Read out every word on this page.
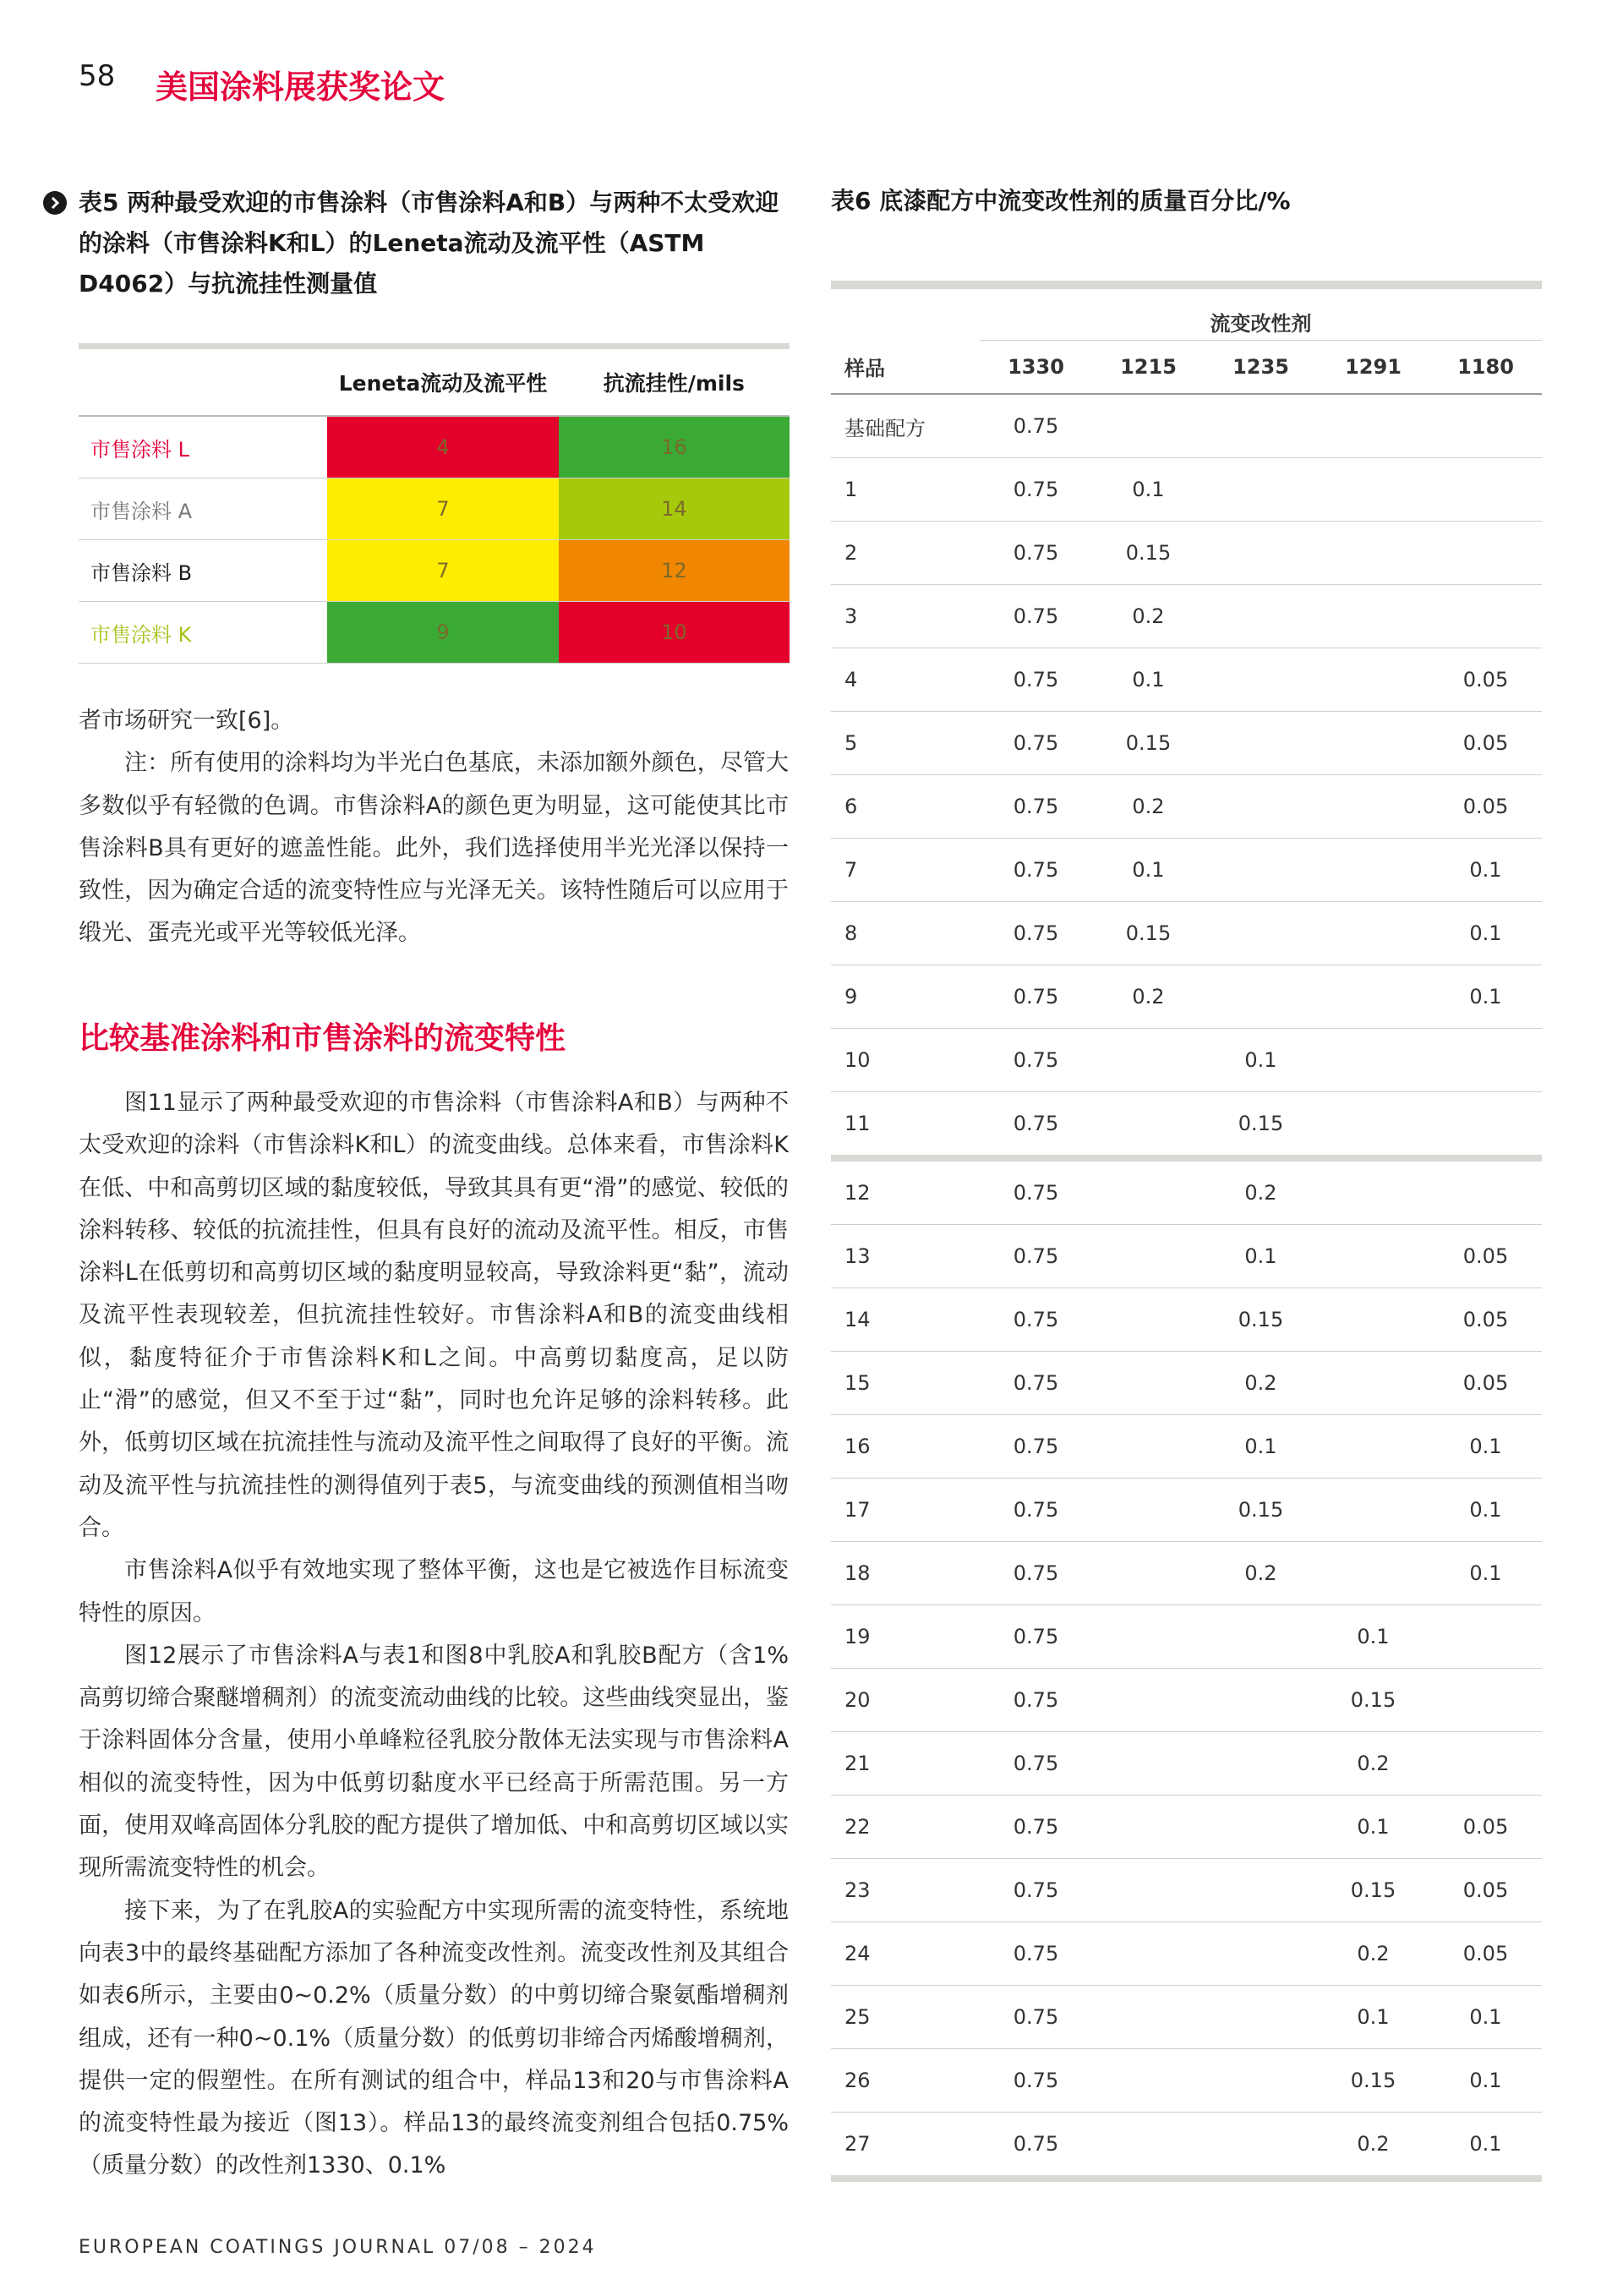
58 美国涂料展获奖论文
表5 两种最受欢迎的市售涂料（市售涂料A和B）与两种不太受欢迎的涂料（市售涂料K和L）的Leneta流动及流平性（ASTM D4062）与抗流挂性测量值
	Leneta流动及流平性	抗流挂性/mils
市售涂料 L	4	16
市售涂料 A	7	14
市售涂料 B	7	12
市售涂料 K	9	10

者市场研究一致[6]。

注：所有使用的涂料均为半光白色基底，未添加额外颜色，尽管大多数似乎有轻微的色调。市售涂料A的颜色更为明显，这可能使其比市售涂料B具有更好的遮盖性能。此外，我们选择使用半光光泽以保持一致性，因为确定合适的流变特性应与光泽无关。该特性随后可以应用于缎光、蛋壳光或平光等较低光泽。

比较基准涂料和市售涂料的流变特性

图11显示了两种最受欢迎的市售涂料（市售涂料A和B）与两种不太受欢迎的涂料（市售涂料K和L）的流变曲线。总体来看，市售涂料K在低、中和高剪切区域的黏度较低，导致其具有更“滑”的感觉、较低的涂料转移、较低的抗流挂性，但具有良好的流动及流平性。相反，市售涂料L在低剪切和高剪切区域的黏度明显较高，导致涂料更“黏”，流动及流平性表现较差，但抗流挂性较好。市售涂料A和B的流变曲线相似，黏度特征介于市售涂料K和L之间。中高剪切黏度高，足以防止“滑”的感觉，但又不至于过“黏”，同时也允许足够的涂料转移。此外，低剪切区域在抗流挂性与流动及流平性之间取得了良好的平衡。流动及流平性与抗流挂性的测得值列于表5，与流变曲线的预测值相当吻合。

市售涂料A似乎有效地实现了整体平衡，这也是它被选作目标流变特性的原因。

图12展示了市售涂料A与表1和图8中乳胶A和乳胶B配方（含1%高剪切缔合聚醚增稠剂）的流变流动曲线的比较。这些曲线突显出，鉴于涂料固体分含量，使用小单峰粒径乳胶分散体无法实现与市售涂料A相似的流变特性，因为中低剪切黏度水平已经高于所需范围。另一方面，使用双峰高固体分乳胶的配方提供了增加低、中和高剪切区域以实现所需流变特性的机会。

接下来，为了在乳胶A的实验配方中实现所需的流变特性，系统地向表3中的最终基础配方添加了各种流变改性剂。流变改性剂及其组合如表6所示，主要由0~0.2%（质量分数）的中剪切缔合聚氨酯增稠剂组成，还有一种0~0.1%（质量分数）的低剪切非缔合丙烯酸增稠剂，提供一定的假塑性。在所有测试的组合中，样品13和20与市售涂料A的流变特性最为接近（图13）。样品13的最终流变剂组合包括0.75%（质量分数）的改性剂1330、0.1%

表6 底漆配方中流变改性剂的质量百分比/%
	流变改性剂				
样品	1330	1215	1235	1291	1180
基础配方	0.75				
1	0.75	0.1			
2	0.75	0.15			
3	0.75	0.2			
4	0.75	0.1			0.05
5	0.75	0.15			0.05
6	0.75	0.2			0.05
7	0.75	0.1			0.1
8	0.75	0.15			0.1
9	0.75	0.2			0.1
10	0.75		0.1		
11	0.75		0.15		
12	0.75		0.2		
13	0.75		0.1		0.05
14	0.75		0.15		0.05
15	0.75		0.2		0.05
16	0.75		0.1		0.1
17	0.75		0.15		0.1
18	0.75		0.2		0.1
19	0.75			0.1	
20	0.75			0.15	
21	0.75			0.2	
22	0.75			0.1	0.05
23	0.75			0.15	0.05
24	0.75			0.2	0.05
25	0.75			0.1	0.1
26	0.75			0.15	0.1
27	0.75			0.2	0.1
EUROPEAN COATINGS JOURNAL 07/08 – 2024
